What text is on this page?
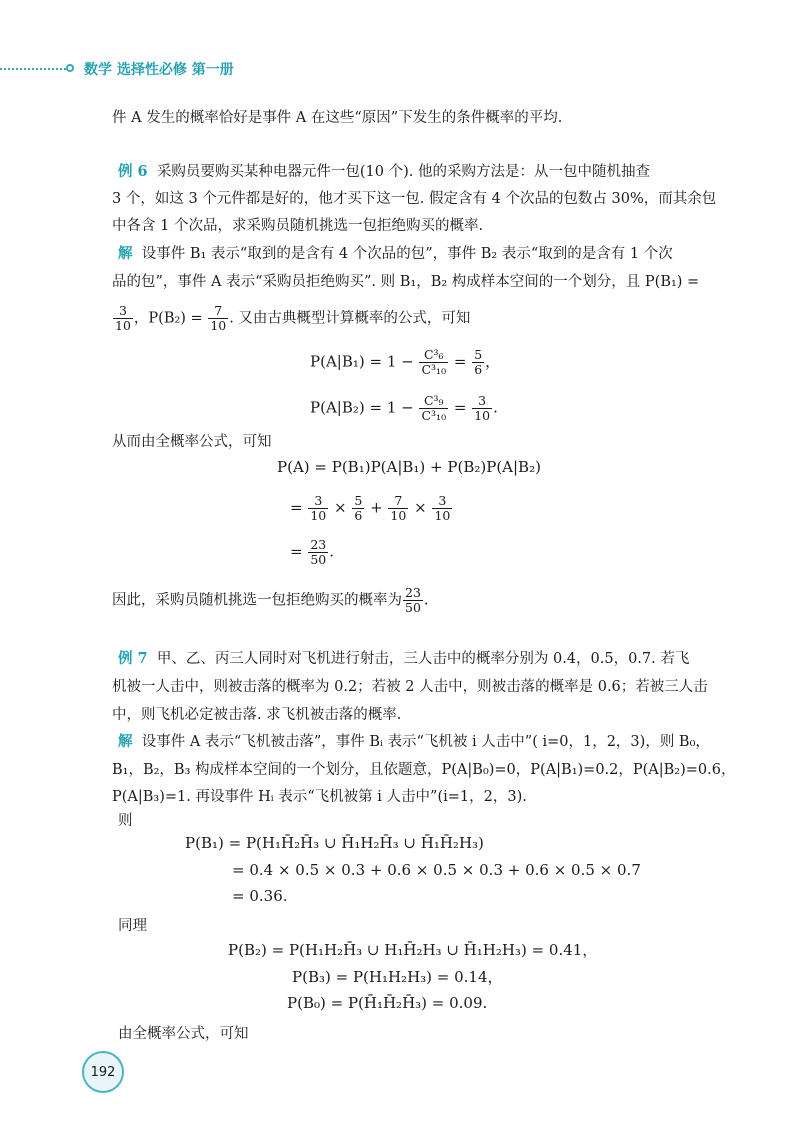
数学 选择性必修 第一册
件 A 发生的概率恰好是事件 A 在这些“原因”下发生的条件概率的平均.
例 6 采购员要购买某种电器元件一包(10 个). 他的采购方法是：从一包中随机抽查
3 个，如这 3 个元件都是好的，他才买下这一包. 假定含有 4 个次品的包数占 30%，而其余包
中各含 1 个次品，求采购员随机挑选一包拒绝购买的概率.
解 设事件 B₁ 表示“取到的是含有 4 个次品的包”，事件 B₂ 表示“取到的是含有 1 个次
品的包”，事件 A 表示“采购员拒绝购买”. 则 B₁，B₂ 构成样本空间的一个划分，且 P(B₁) =
$\frac{3}{10}$ ，$P(B_2) = \frac{7}{10}$ . 又由古典概型计算概率的公式，可知
$P(A|B_1) = 1 - \frac{\text{C³₆}}{\text{C³₁₀}} = \frac{5}{6}$ ，
$P(A|B_2) = 1 - \frac{\text{C³₉}}{\text{C³₁₀}} = \frac{3}{10}$ .
从而由全概率公式，可知
P(A) = P(B₁)P(A|B₁) + P(B₂)P(A|B₂)
= $\frac{3}{10} \times \frac{5}{6} + \frac{7}{10} \times \frac{3}{10}$
= $\frac{23}{50}$ .
因此，采购员随机挑选一包拒绝购买的概率为 $\frac{23}{50}$ .
例 7 甲、乙、丙三人同时对飞机进行射击，三人击中的概率分别为 0.4，0.5，0.7. 若飞
机被一人击中，则被击落的概率为 0.2；若被 2 人击中，则被击落的概率是 0.6；若被三人击
中，则飞机必定被击落. 求飞机被击落的概率.
解 设事件 A 表示“飞机被击落”，事件 Bᵢ 表示“飞机被 i 人击中”( i=0，1，2，3)，则 B₀，
B₁，B₂，B₃ 构成样本空间的一个划分，且依题意，P(A|B₀)=0，P(A|B₁)=0.2，P(A|B₂)=0.6，
P(A|B₃)=1. 再设事件 Hᵢ 表示“飞机被第 i 人击中”(i=1，2，3).
则
P(B₁) = P(H₁H̄₂H̄₃ ∪ H̄₁H₂H̄₃ ∪ H̄₁H̄₂H₃)
= 0.4 × 0.5 × 0.3 + 0.6 × 0.5 × 0.3 + 0.6 × 0.5 × 0.7
= 0.36.
同理
P(B₂) = P(H₁H₂H̄₃ ∪ H₁H̄₂H₃ ∪ H̄₁H₂H₃) = 0.41，
P(B₃) = P(H₁H₂H₃) = 0.14，
P(B₀) = P(H̄₁H̄₂H̄₃) = 0.09.
由全概率公式，可知
192
